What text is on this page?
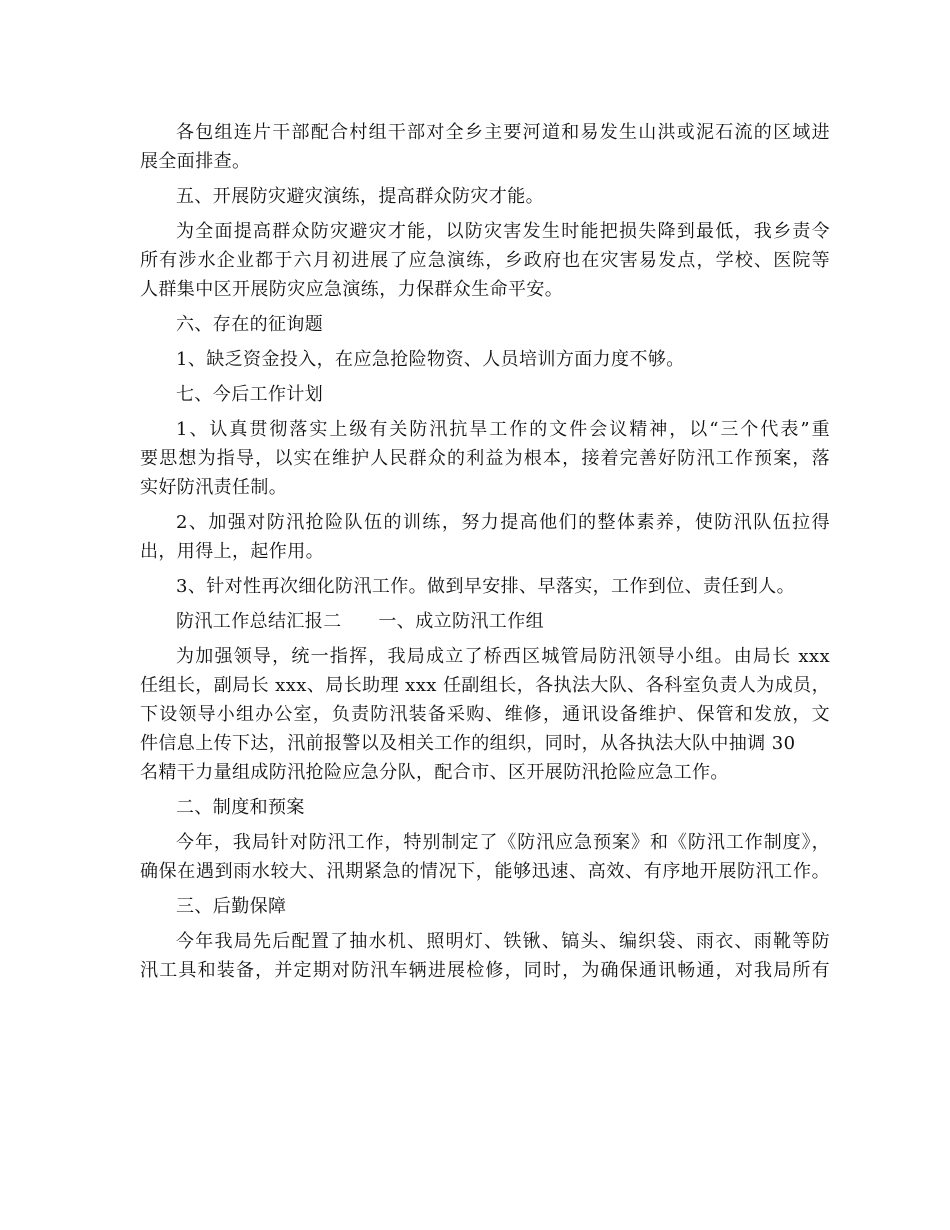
各包组连片干部配合村组干部对全乡主要河道和易发生山洪或泥石流的区域进
展全面排查。
五、开展防灾避灾演练，提高群众防灾才能。
为全面提高群众防灾避灾才能，以防灾害发生时能把损失降到最低，我乡责令
所有涉水企业都于六月初进展了应急演练，乡政府也在灾害易发点，学校、医院等
人群集中区开展防灾应急演练，力保群众生命平安。
六、存在的征询题
1、缺乏资金投入，在应急抢险物资、人员培训方面力度不够。
七、今后工作计划
1、认真贯彻落实上级有关防汛抗旱工作的文件会议精神，以“三个代表”重
要思想为指导，以实在维护人民群众的利益为根本，接着完善好防汛工作预案，落
实好防汛责任制。
2、加强对防汛抢险队伍的训练，努力提高他们的整体素养，使防汛队伍拉得
出，用得上，起作用。
3、针对性再次细化防汛工作。做到早安排、早落实，工作到位、责任到人。
防汛工作总结汇报二　　一、成立防汛工作组
为加强领导，统一指挥，我局成立了桥西区城管局防汛领导小组。由局长 xxx
任组长，副局长 xxx、局长助理 xxx 任副组长，各执法大队、各科室负责人为成员，
下设领导小组办公室，负责防汛装备采购、维修，通讯设备维护、保管和发放，文
件信息上传下达，汛前报警以及相关工作的组织，同时，从各执法大队中抽调 30
名精干力量组成防汛抢险应急分队，配合市、区开展防汛抢险应急工作。
二、制度和预案
今年，我局针对防汛工作，特别制定了《防汛应急预案》和《防汛工作制度》，
确保在遇到雨水较大、汛期紧急的情况下，能够迅速、高效、有序地开展防汛工作。
三、后勤保障
今年我局先后配置了抽水机、照明灯、铁锹、镐头、编织袋、雨衣、雨靴等防
汛工具和装备，并定期对防汛车辆进展检修，同时，为确保通讯畅通，对我局所有
